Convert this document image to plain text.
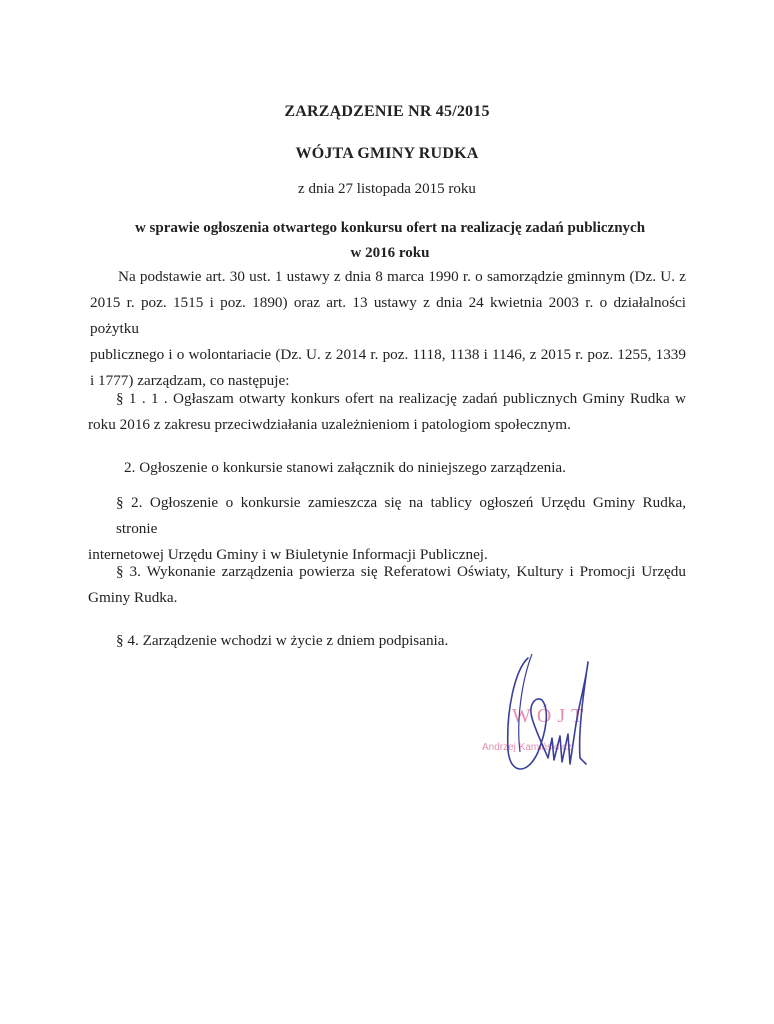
ZARZĄDZENIE NR 45/2015
WÓJTA GMINY RUDKA
z dnia 27 listopada 2015 roku
w sprawie ogłoszenia otwartego konkursu ofert na realizację zadań publicznych
w 2016 roku
Na podstawie art. 30 ust. 1 ustawy z dnia 8 marca 1990 r. o samorządzie gminnym (Dz. U. z
2015 r. poz. 1515 i poz. 1890) oraz art. 13 ustawy z dnia 24 kwietnia 2003 r. o działalności pożytku
publicznego i o wolontariacie (Dz. U. z 2014 r. poz. 1118, 1138 i 1146, z 2015 r. poz. 1255, 1339
i 1777) zarządzam, co następuje:
§ 1 . 1 . Ogłaszam otwarty konkurs ofert na realizację zadań publicznych Gminy Rudka w
roku 2016 z zakresu przeciwdziałania uzależnieniom i patologiom społecznym.
2. Ogłoszenie o konkursie stanowi załącznik do niniejszego zarządzenia.
§ 2. Ogłoszenie o konkursie zamieszcza się na tablicy ogłoszeń Urzędu Gminy Rudka, stronie
internetowej Urzędu Gminy i w Biuletynie Informacji Publicznej.
§ 3. Wykonanie zarządzenia powierza się Referatowi Oświaty, Kultury i Promocji Urzędu
Gminy Rudka.
§ 4. Zarządzenie wchodzi w życie z dniem podpisania.
WÓJT
Andrzej Kamiński cz
